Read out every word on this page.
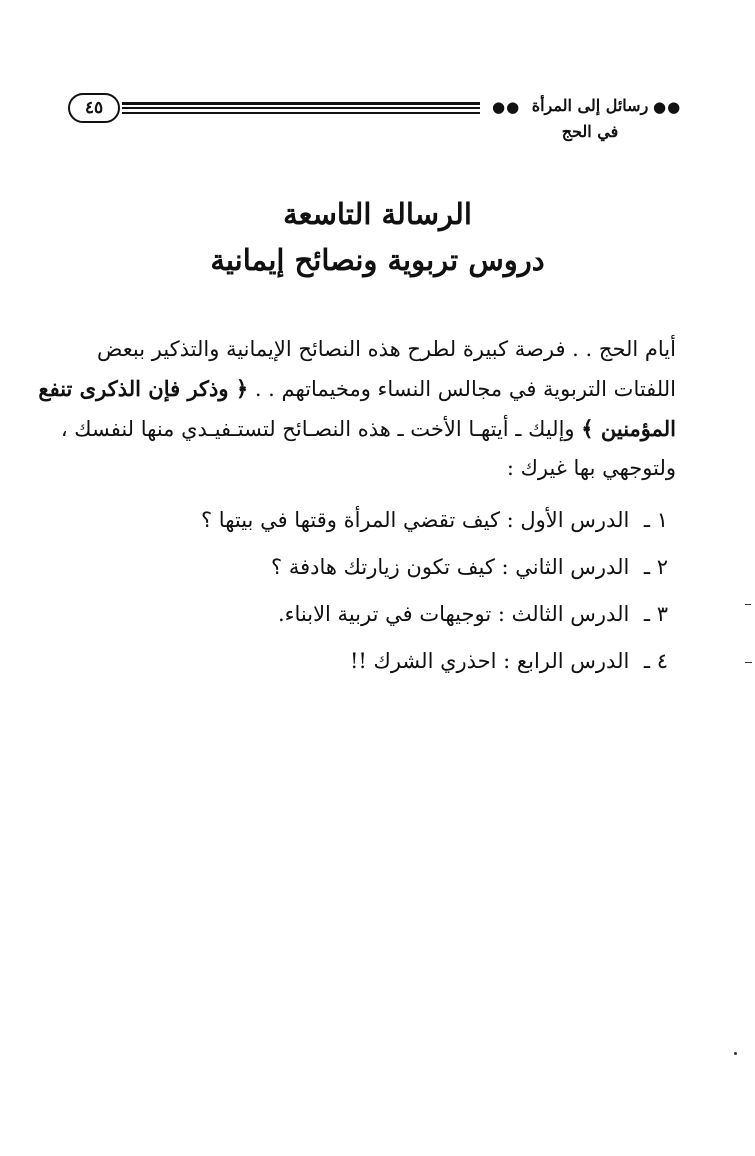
٤٥	●● رسائل إلى المرأة في الحج
●●
الرسالة التاسعة
دروس تربوية ونصائح إيمانية
أيام الحج . . فرصة كبيرة لطرح هذه النصائح الإيمانية والتذكير ببعض
اللفتات التربوية في مجالس النساء ومخيماتهم . . ﴿ وذكر فإن الذكرى تنفع
المؤمنين ﴾ وإليك ـ أيتهـا الأخت ـ هذه النصـائح لتستـفيـدي منها لنفسك ،
ولتوجهي بها غيرك :
١ ـ الدرس الأول : كيف تقضي المرأة وقتها في بيتها ؟
٢ ـ الدرس الثاني : كيف تكون زيارتك هادفة ؟
٣ ـ الدرس الثالث : توجيهات في تربية الابناء.
٤ ـ الدرس الرابع : احذري الشرك !!
